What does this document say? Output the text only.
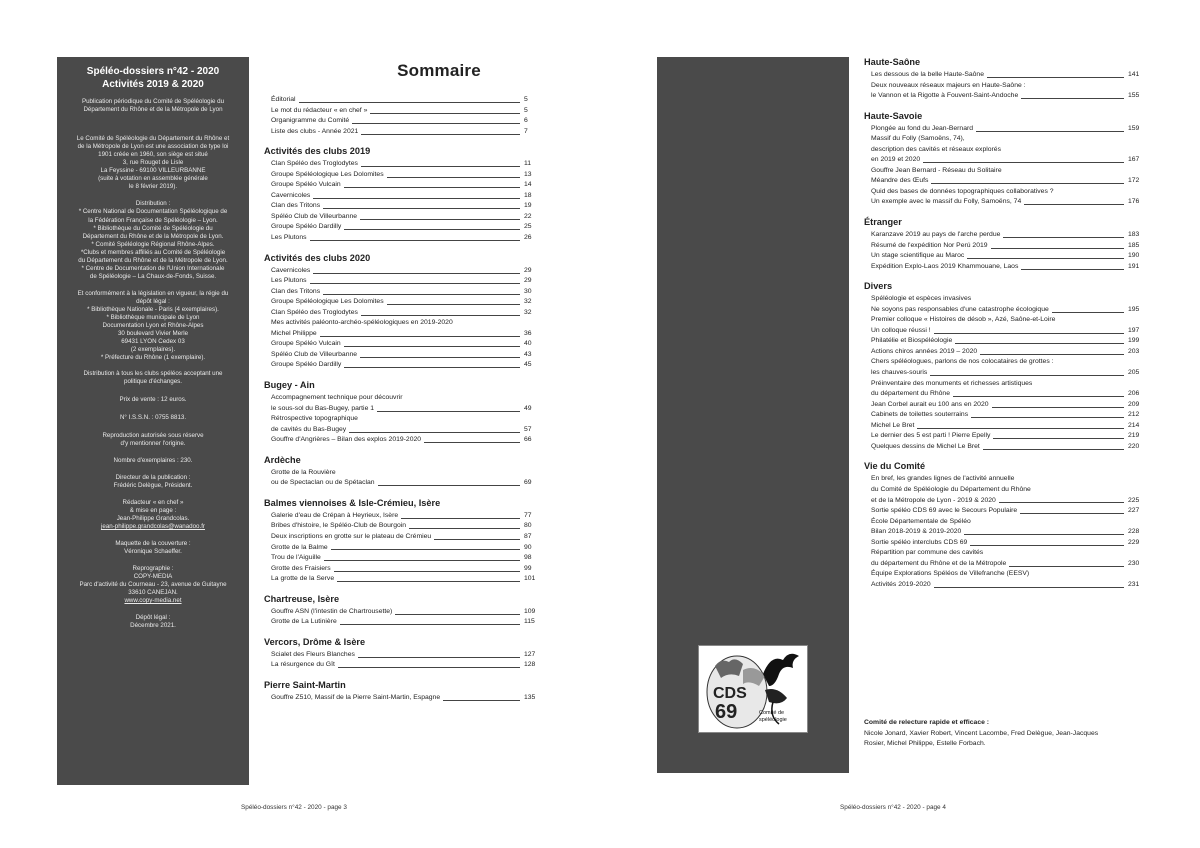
Spéléo-dossiers n°42 - 2020
Activités 2019 & 2020
Publication périodique du Comité de Spéléologie du
Département du Rhône et de la Métropole de Lyon
Le Comité de Spéléologie du Département du Rhône et
de la Métropole de Lyon est une association de type loi
1901 créée en 1960, son siège est situé
3, rue Rouget de Lisle
La Feyssine - 69100 VILLEURBANNE
(suite à votation en assemblée générale
le 8 février 2019).
Distribution :
* Centre National de Documentation Spéléologique de
la Fédération Française de Spéléologie – Lyon.
* Bibliothèque du Comité de Spéléologie du
Département du Rhône et de la Métropole de Lyon.
* Comité Spéléologie Régional Rhône-Alpes.
*Clubs et membres affiliés au Comité de Spéléologie
du Département du Rhône et de la Métropole de Lyon.
* Centre de Documentation de l'Union Internationale
de Spéléologie – La Chaux-de-Fonds, Suisse.
Et conformément à la législation en vigueur, la régie du
dépôt légal :
* Bibliothèque Nationale - Paris (4 exemplaires).
* Bibliothèque municipale de Lyon
Documentation Lyon et Rhône-Alpes
30 boulevard Vivier Merle
69431 LYON Cedex 03
(2 exemplaires).
* Préfecture du Rhône (1 exemplaire).
Distribution à tous les clubs spéléos acceptant une
politique d'échanges.
Prix de vente : 12 euros.
N° I.S.S.N. : 0755 8813.
Reproduction autorisée sous réserve
d'y mentionner l'origine.
Nombre d'exemplaires : 230.
Directeur de la publication :
Frédéric Delègue, Président.
Rédacteur « en chef »
& mise en page :
Jean-Philippe Grandcolas.
jean-philippe.grandcolas@wanadoo.fr
Maquette de la couverture :
Véronique Schaeffer.
Reprographie :
COPY-MEDIA
Parc d'activité du Courneau - 23, avenue de Guitayne
33610 CANEJAN.
www.copy-media.net
Dépôt légal :
Décembre 2021.
Sommaire
Éditorial	5
Le mot du rédacteur « en chef »	5
Organigramme du Comité	6
Liste des clubs - Année 2021	7
Activités des clubs 2019
Clan Spéléo des Troglodytes	11
Groupe Spéléologique Les Dolomites	13
Groupe Spéléo Vulcain	14
Cavernicoles	18
Clan des Tritons	19
Spéléo Club de Villeurbanne	22
Groupe Spéléo Dardilly	25
Les Plutons	26
Activités des clubs 2020
Cavernicoles	29
Les Plutons	29
Clan des Tritons	30
Groupe Spéléologique Les Dolomites	32
Clan Spéléo des Troglodytes	32
Mes activités paléonto-archéo-spéléologiques en 2019-2020
Michel Philippe	36
Groupe Spéléo Vulcain	40
Spéléo Club de Villeurbanne	43
Groupe Spéléo Dardilly	45
Bugey - Ain
Accompagnement technique pour découvrir
le sous-sol du Bas-Bugey, partie 1	49
Rétrospective topographique
de cavités du Bas-Bugey	57
Gouffre d'Angrières – Bilan des explos 2019-2020	66
Ardèche
Grotte de la Rouvière
ou de Spectaclan ou de Spétaclan	69
Balmes viennoises & Isle-Crémieu, Isère
Galerie d'eau de Crépan à Heyrieux, Isère	77
Bribes d'histoire, le Spéléo-Club de Bourgoin	80
Deux inscriptions en grotte sur le plateau de Crémieu	87
Grotte de la Balme	90
Trou de l'Aiguille	98
Grotte des Fraisiers	99
La grotte de la Serve	101
Chartreuse, Isère
Gouffre ASN (l'intestin de Chartrousette)	109
Grotte de La Lutinière	115
Vercors, Drôme & Isère
Scialet des Fleurs Blanches	127
La résurgence du Gît	128
Pierre Saint-Martin
Gouffre Z510, Massif de la Pierre Saint-Martin, Espagne	135
Spéléo-dossiers n°42 - 2020 - page 3
CDS
69	Comité de
spéléologie
Haute-Saône
Les dessous de la belle Haute-Saône	141
Deux nouveaux réseaux majeurs en Haute-Saône :
le Vannon et la Rigotte à Fouvent-Saint-Andoche	155
Haute-Savoie
Plongée au fond du Jean-Bernard	159
Massif du Folly (Samoëns, 74),
description des cavités et réseaux explorés
en 2019 et 2020	167
Gouffre Jean Bernard - Réseau du Solitaire
Méandre des Œufs	172
Quid des bases de données topographiques collaboratives ?
Un exemple avec le massif du Folly, Samoëns, 74	176
Étranger
Karanzave 2019 au pays de l'arche perdue	183
Résumé de l'expédition Nor Perú 2019	185
Un stage scientifique au Maroc	190
Expédition Explo-Laos 2019 Khammouane, Laos	191
Divers
Spéléologie et espèces invasives
Ne soyons pas responsables d'une catastrophe écologique	195
Premier colloque « Histoires de désob », Azé, Saône-et-Loire
Un colloque réussi !	197
Philatélie et Biospéléologie	199
Actions chiros années 2019 – 2020	203
Chers spéléologues, parlons de nos colocataires de grottes :
les chauves-souris	205
Préinventaire des monuments et richesses artistiques
du département du Rhône	206
Jean Corbel aurait eu 100 ans en 2020	209
Cabinets de toilettes souterrains	212
Michel Le Bret	214
Le dernier des 5 est parti ! Pierre Epelly	219
Quelques dessins de Michel Le Bret	220
Vie du Comité
En bref, les grandes lignes de l'activité annuelle
du Comité de Spéléologie du Département du Rhône
et de la Métropole de Lyon - 2019 & 2020	225
Sortie spéléo CDS 69 avec le Secours Populaire	227
École Départementale de Spéléo
Bilan 2018-2019 & 2019-2020	228
Sortie spéléo interclubs CDS 69	229
Répartition par commune des cavités
du département du Rhône et de la Métropole	230
Équipe Explorations Spéléos de Villefranche (EESV)
Activités 2019-2020	231
Comité de relecture rapide et efficace :
Nicole Jonard, Xavier Robert, Vincent Lacombe, Fred Delègue, Jean-Jacques
Rosier, Michel Philippe, Estelle Forbach.
Spéléo-dossiers n°42 - 2020 - page 4
